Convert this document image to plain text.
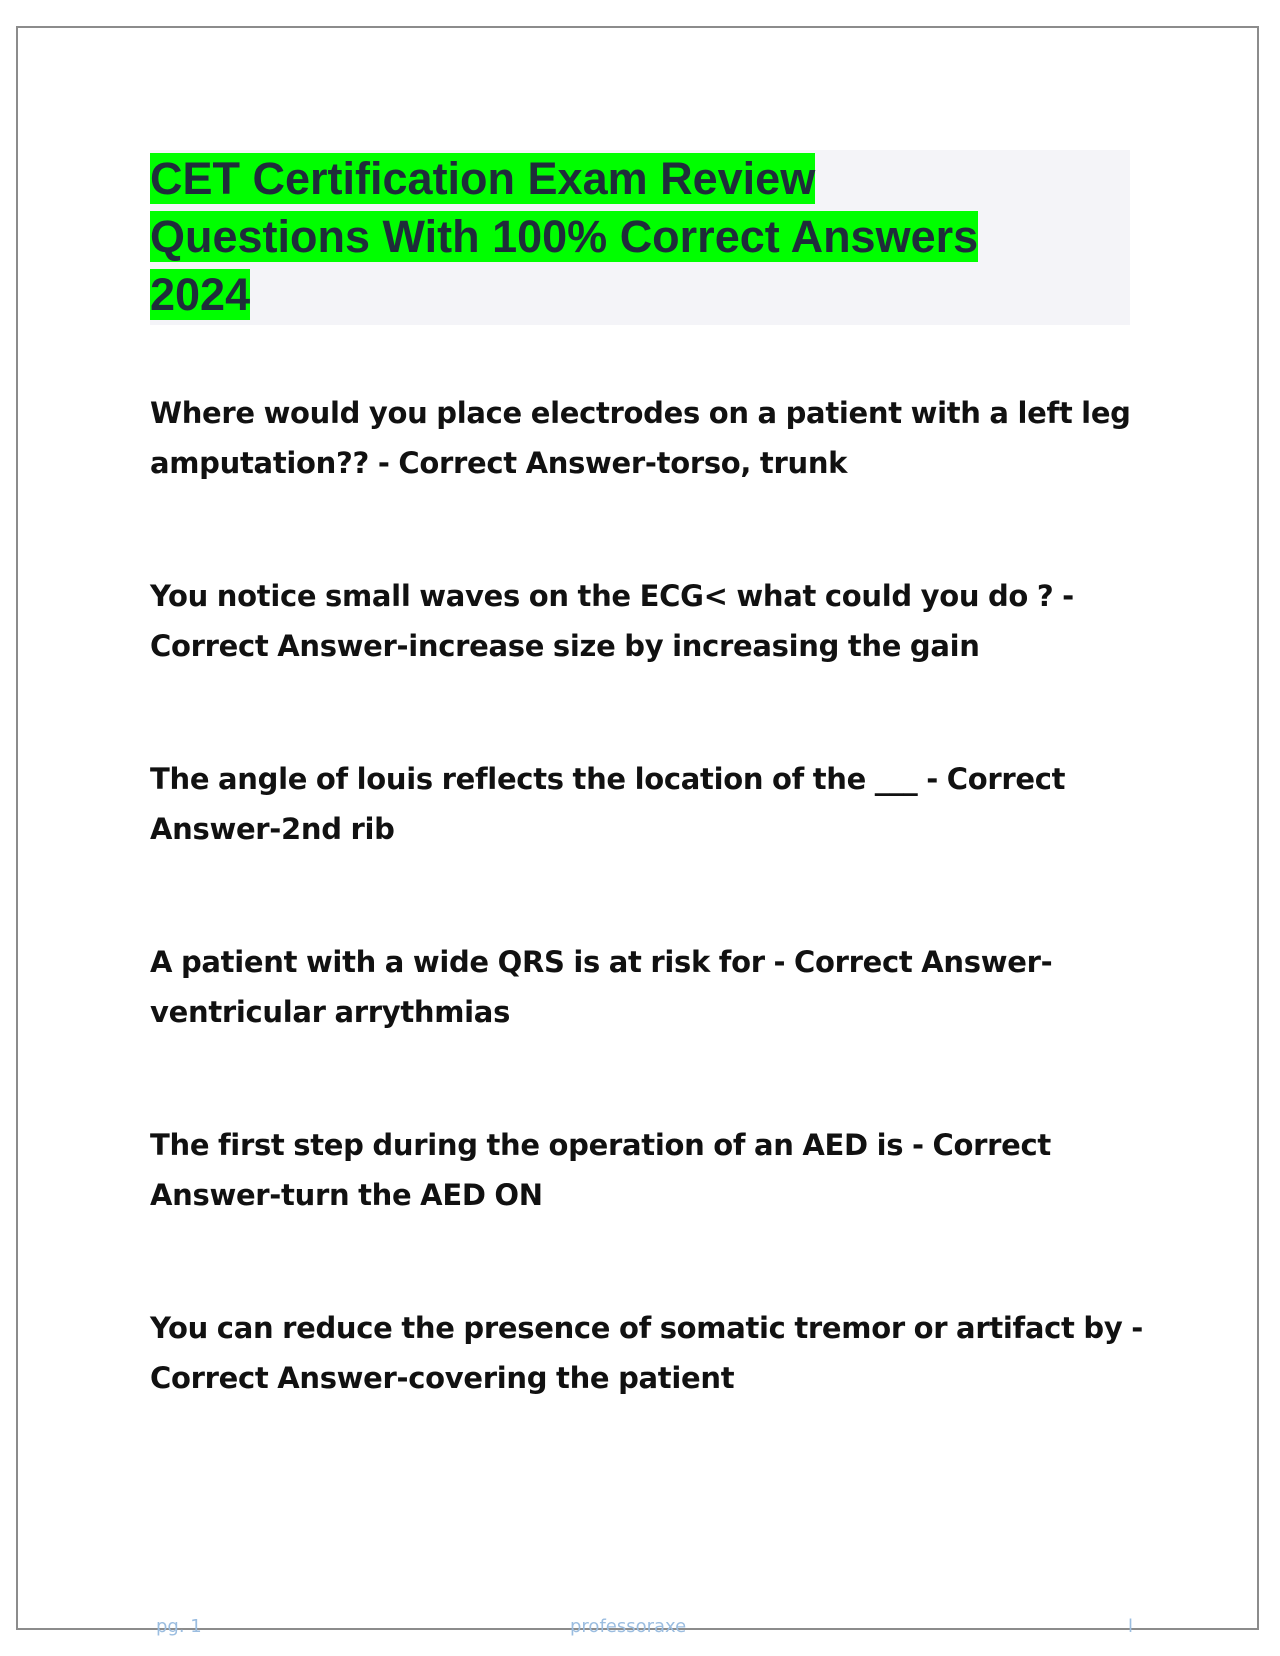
CET Certification Exam Review
Questions With 100% Correct Answers
2024
Where would you place electrodes on a patient with a left leg
amputation?? - Correct Answer-torso, trunk
You notice small waves on the ECG< what could you do ? -
Correct Answer-increase size by increasing the gain
The angle of louis reflects the location of the ___ - Correct
Answer-2nd rib
A patient with a wide QRS is at risk for - Correct Answer-
ventricular arrythmias
The first step during the operation of an AED is - Correct
Answer-turn the AED ON
You can reduce the presence of somatic tremor or artifact by -
Correct Answer-covering the patient
pg. 1	professoraxe	l
